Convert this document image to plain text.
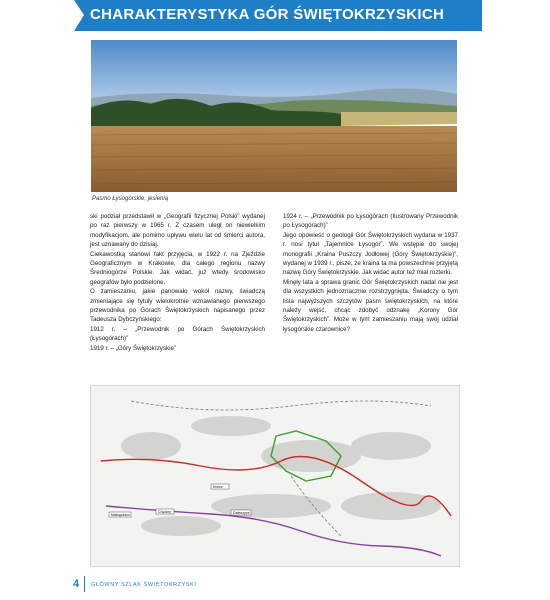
CHARAKTERYSTYKA GÓR ŚWIĘTOKRZYSKICH
Pasmo Łysogórskie, jesienią

ski podział przedstawił w „Geografii fizycznej Polski” wydanej po raz pierwszy w 1965 r. Z czasem uległ on niewielkim modyfikacjom, ale pomimo upływu wielu lat od śmierci autora, jest uznawany do dzisiaj.

Ciekawostką stanowi fakt przyjęcia, w 1922 r. na Zjeździe Geograficznym w Krakowie, dla całego regionu nazwy Średniogórze Polskie. Jak widać, już wtedy środowisko geografów było podzielone.

O zamieszaniu, jakie panowało wokół nazwy, świadczą zmieniające się tytuły wielokrotnie wznawianego pierwszego przewodnika po Górach Świętokrzyskich napisanego przez Tadeusza Dybczyńskiego:

1912 r. – „Przewodnik po Górach Świętokrzyskich (Łysogórach)”

1919 r. – „Góry Świętokrzyskie”

1924 r. – „Przewodnik po Łysogórach (Ilustrowany Przewodnik po Łysogórach)”

Jego opowieść o geologii Gór Świętokrzyskich wydana w 1937 r. nosi tytuł „Tajemnice Łysogór”. We wstępie do swojej monografii „Kraina Puszczy Jodłowej (Góry Świętokrzyskie)”, wydanej w 1939 r., pisze, że kraina ta ma powszechnie przyjętą nazwę Góry Świętokrzyskie. Jak widać autor też miał rozterki.

Minęły lata a sprawa granic Gór Świętokrzyskich nadal nie jest dla wszystkich jednoznacznie rozstrzygnięta. Świadczy o tym lista najwyższych szczytów pasm świętokrzyskich, na które należy wejść, chcąc zdobyć odznakę „Korony Gór Świętokrzyskich”. Może w tym zamieszaniu mają swój udział łysogórskie czarownice?

Małogoszcz
Chęciny	Daleszyce
Kielce
4 GŁÓWNY SZLAK ŚWIĘTOKRZYSKI
